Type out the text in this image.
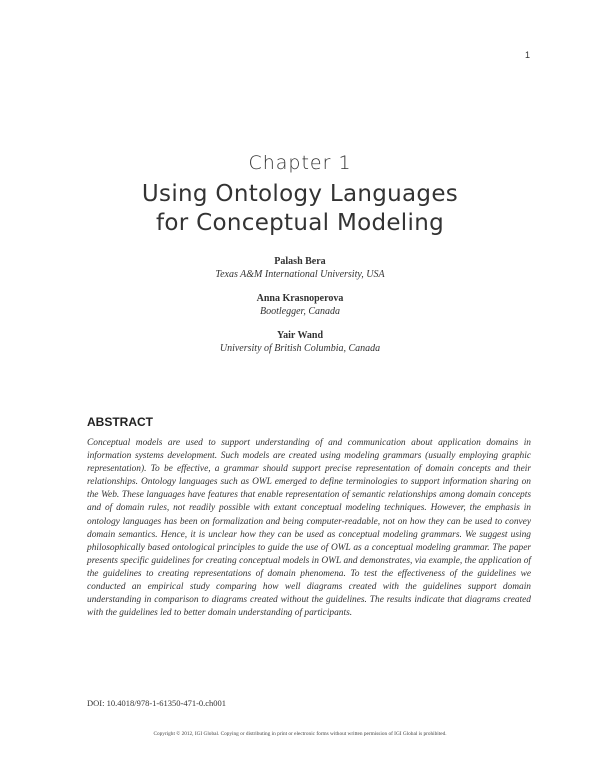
1
Chapter 1
Using Ontology Languages
for Conceptual Modeling
Palash Bera
Texas A&M International University, USA
Anna Krasnoperova
Bootlegger, Canada
Yair Wand
University of British Columbia, Canada
ABSTRACT
Conceptual models are used to support understanding of and communication about application domains in information systems development. Such models are created using modeling grammars (usually employing graphic representation). To be effective, a grammar should support precise representation of domain concepts and their relationships. Ontology languages such as OWL emerged to define terminologies to support information sharing on the Web. These languages have features that enable representation of semantic relationships among domain concepts and of domain rules, not readily possible with extant conceptual modeling techniques. However, the emphasis in ontology languages has been on formalization and being computer-readable, not on how they can be used to convey domain semantics. Hence, it is unclear how they can be used as conceptual modeling grammars. We suggest using philosophically based ontological principles to guide the use of OWL as a conceptual modeling grammar. The paper presents specific guidelines for creating conceptual models in OWL and demonstrates, via example, the application of the guidelines to creating representations of domain phenomena. To test the effectiveness of the guidelines we conducted an empirical study comparing how well diagrams created with the guidelines support domain understanding in comparison to diagrams created without the guidelines. The results indicate that diagrams created with the guidelines led to better domain understanding of participants.
DOI: 10.4018/978-1-61350-471-0.ch001
Copyright © 2012, IGI Global. Copying or distributing in print or electronic forms without written permission of IGI Global is prohibited.
